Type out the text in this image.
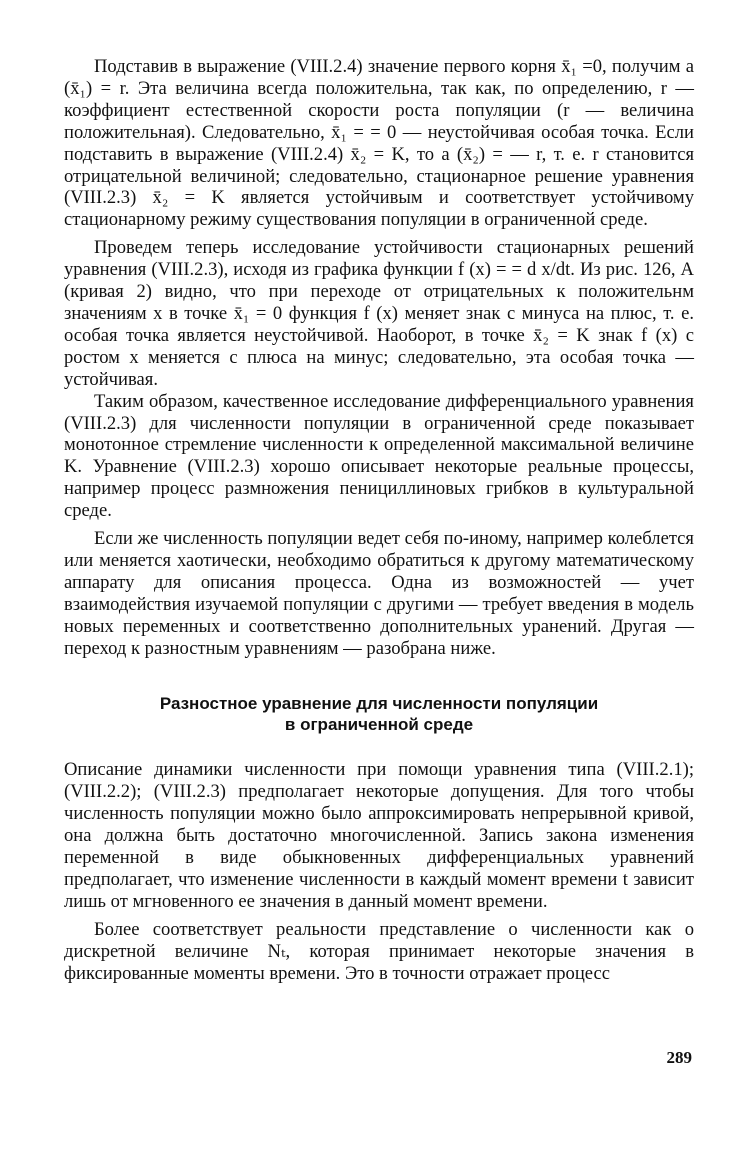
Подставив в выражение (VIII.2.4) значение первого корня x̄₁ =0, получим a (x̄₁) = r. Эта величина всегда положительна, так как, по определению, r — коэффициент естественной скорости роста популяции (r — величина положительная). Следовательно, x̄₁ = = 0 — неустойчивая особая точка. Если подставить в выражение (VIII.2.4) x̄₂ = K, то a (x̄₂) = — r, т. е. r становится отрицательной величиной; следовательно, стационарное решение уравнения (VIII.2.3) x̄₂ = K является устойчивым и соответствует устойчивому стационарному режиму существования популяции в ограниченной среде.

Проведем теперь исследование устойчивости стационарных решений уравнения (VIII.2.3), исходя из графика функции f (x) = = d x/dt. Из рис. 126, A (кривая 2) видно, что при переходе от отрицательных к положительнм значениям x в точке x̄₁ = 0 функция f (x) меняет знак с минуса на плюс, т. е. особая точка является неустойчивой. Наоборот, в точке x̄₂ = K знак f (x) с ростом x меняется с плюса на минус; следовательно, эта особая точка — устойчивая.

Таким образом, качественное исследование дифференциального уравнения (VIII.2.3) для численности популяции в ограниченной среде показывает монотонное стремление численности к определенной максимальной величине K. Уравнение (VIII.2.3) хорошо описывает некоторые реальные процессы, например процесс размножения пенициллиновых грибков в культуральной среде.

Если же численность популяции ведет себя по-иному, например колеблется или меняется хаотически, необходимо обратиться к другому математическому аппарату для описания процесса. Одна из возможностей — учет взаимодействия изучаемой популяции с другими — требует введения в модель новых переменных и соответственно дополнительных уранений. Другая — переход к разностным уравнениям — разобрана ниже.

Разностное уравнение для численности популяции
в ограниченной среде

Описание динамики численности при помощи уравнения типа (VIII.2.1); (VIII.2.2); (VIII.2.3) предполагает некоторые допущения. Для того чтобы численность популяции можно было аппроксимировать непрерывной кривой, она должна быть достаточно многочисленной. Запись закона изменения переменной в виде обыкновенных дифференциальных уравнений предполагает, что изменение численности в каждый момент времени t зависит лишь от мгновенного ее значения в данный момент времени.

Более соответствует реальности представление о численности как о дискретной величине Nₜ, которая принимает некоторые значения в фиксированные моменты времени. Это в точности отражает процесс

289
